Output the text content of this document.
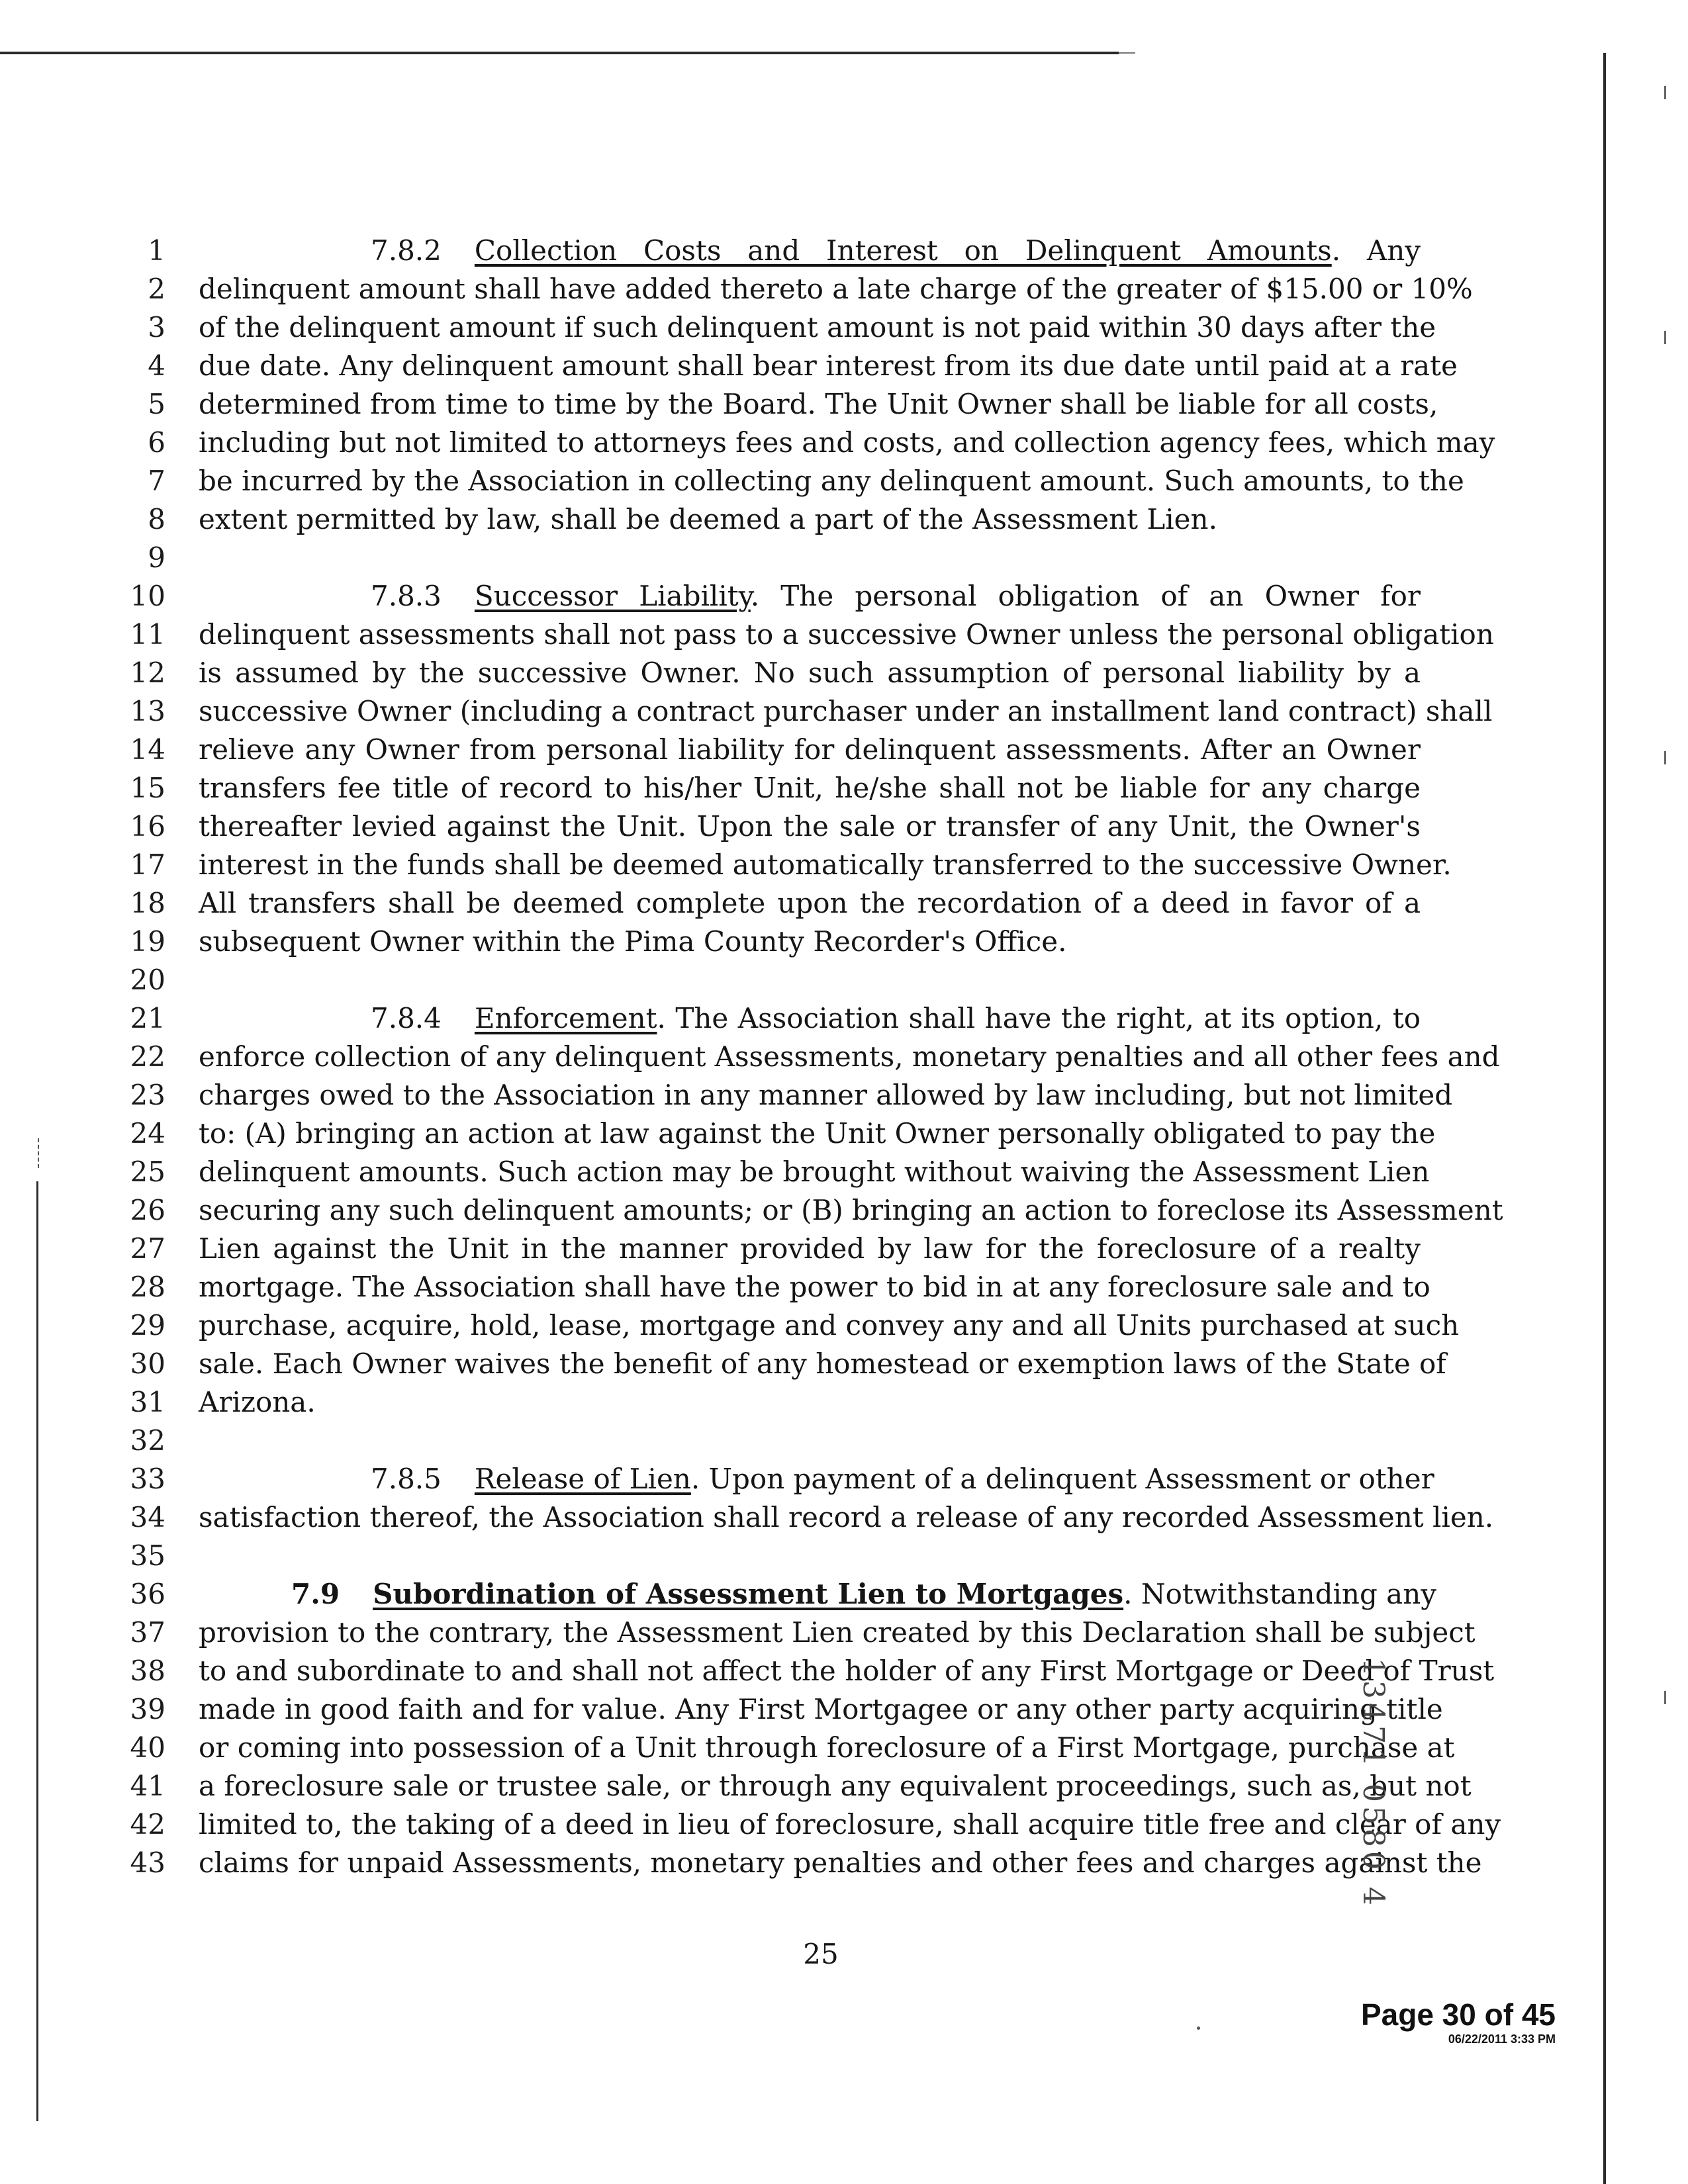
1	7.8.2 Collection Costs and Interest on Delinquent Amounts. Any
2 delinquent amount shall have added thereto a late charge of the greater of $15.00 or 10%
3 of the delinquent amount if such delinquent amount is not paid within 30 days after the
4 due date. Any delinquent amount shall bear interest from its due date until paid at a rate
5 determined from time to time by the Board. The Unit Owner shall be liable for all costs,
6 including but not limited to attorneys fees and costs, and collection agency fees, which may
7 be incurred by the Association in collecting any delinquent amount. Such amounts, to the
8 extent permitted by law, shall be deemed a part of the Assessment Lien.
9
10	7.8.3 Successor Liability. The personal obligation of an Owner for
11 delinquent assessments shall not pass to a successive Owner unless the personal obligation
12 is assumed by the successive Owner. No such assumption of personal liability by a
13 successive Owner (including a contract purchaser under an installment land contract) shall
14 relieve any Owner from personal liability for delinquent assessments. After an Owner
15 transfers fee title of record to his/her Unit, he/she shall not be liable for any charge
16 thereafter levied against the Unit. Upon the sale or transfer of any Unit, the Owner's
17 interest in the funds shall be deemed automatically transferred to the successive Owner.
18 All transfers shall be deemed complete upon the recordation of a deed in favor of a
19 subsequent Owner within the Pima County Recorder's Office.
20
21	7.8.4 Enforcement. The Association shall have the right, at its option, to
22 enforce collection of any delinquent Assessments, monetary penalties and all other fees and
23 charges owed to the Association in any manner allowed by law including, but not limited
24 to: (A) bringing an action at law against the Unit Owner personally obligated to pay the
25 delinquent amounts. Such action may be brought without waiving the Assessment Lien
26 securing any such delinquent amounts; or (B) bringing an action to foreclose its Assessment
27 Lien against the Unit in the manner provided by law for the foreclosure of a realty
28 mortgage. The Association shall have the power to bid in at any foreclosure sale and to
29 purchase, acquire, hold, lease, mortgage and convey any and all Units purchased at such
30 sale. Each Owner waives the benefit of any homestead or exemption laws of the State of
31 Arizona.
32
33	7.8.5 Release of Lien. Upon payment of a delinquent Assessment or other
34 satisfaction thereof, the Association shall record a release of any recorded Assessment lien.
35
36	7.9 Subordination of Assessment Lien to Mortgages. Notwithstanding any
37 provision to the contrary, the Assessment Lien created by this Declaration shall be subject
38 to and subordinate to and shall not affect the holder of any First Mortgage or Deed of Trust
39 made in good faith and for value. Any First Mortgagee or any other party acquiring title
40 or coming into possession of a Unit through foreclosure of a First Mortgage, purchase at
41 a foreclosure sale or trustee sale, or through any equivalent proceedings, such as, but not
42 limited to, the taking of a deed in lieu of foreclosure, shall acquire title free and clear of any
43 claims for unpaid Assessments, monetary penalties and other fees and charges against the
13471 0580 4
25
Page 30 of 45
06/22/2011 3:33 PM
